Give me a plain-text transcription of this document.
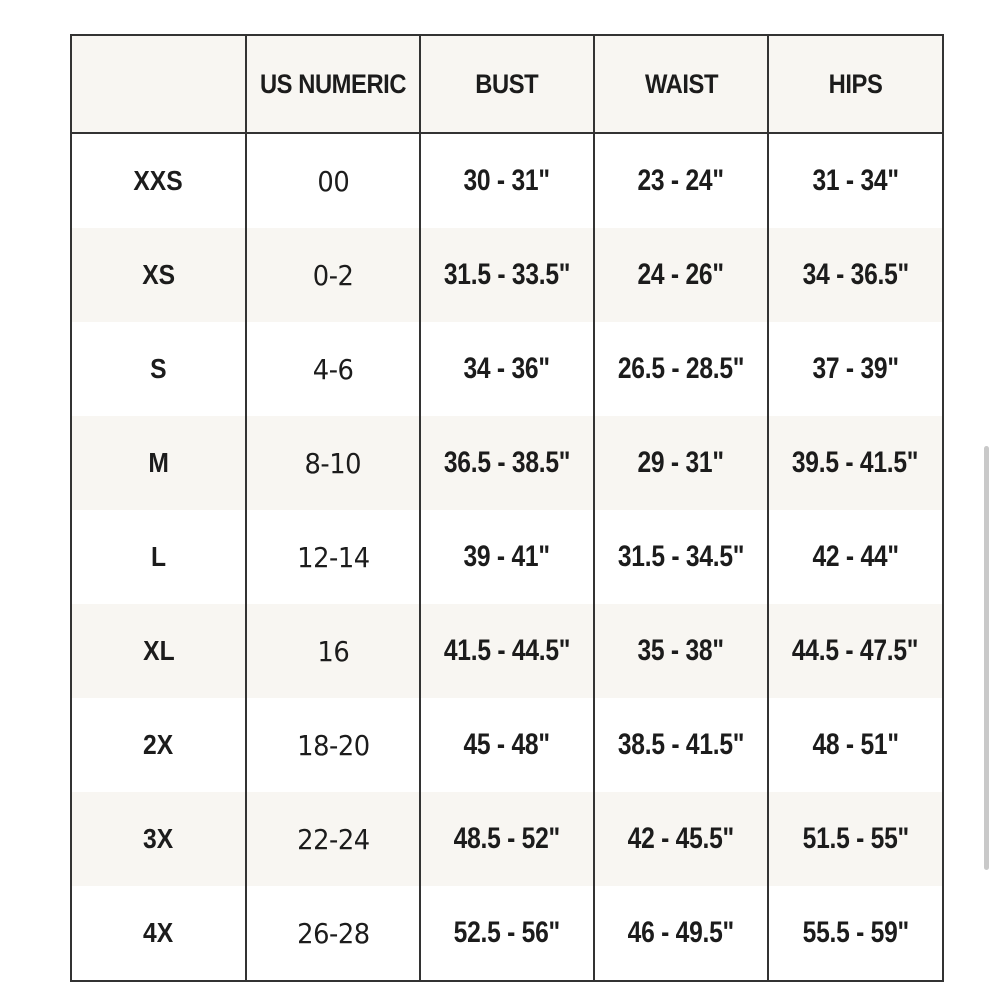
	US NUMERIC	BUST	WAIST	HIPS
XXS	00	30 - 31"	23 - 24"	31 - 34"
XS	0-2	31.5 - 33.5"	24 - 26"	34 - 36.5"
S	4-6	34 - 36"	26.5 - 28.5"	37 - 39"
M	8-10	36.5 - 38.5"	29 - 31"	39.5 - 41.5"
L	12-14	39 - 41"	31.5 - 34.5"	42 - 44"
XL	16	41.5 - 44.5"	35 - 38"	44.5 - 47.5"
2X	18-20	45 - 48"	38.5 - 41.5"	48 - 51"
3X	22-24	48.5 - 52"	42 - 45.5"	51.5 - 55"
4X	26-28	52.5 - 56"	46 - 49.5"	55.5 - 59"
